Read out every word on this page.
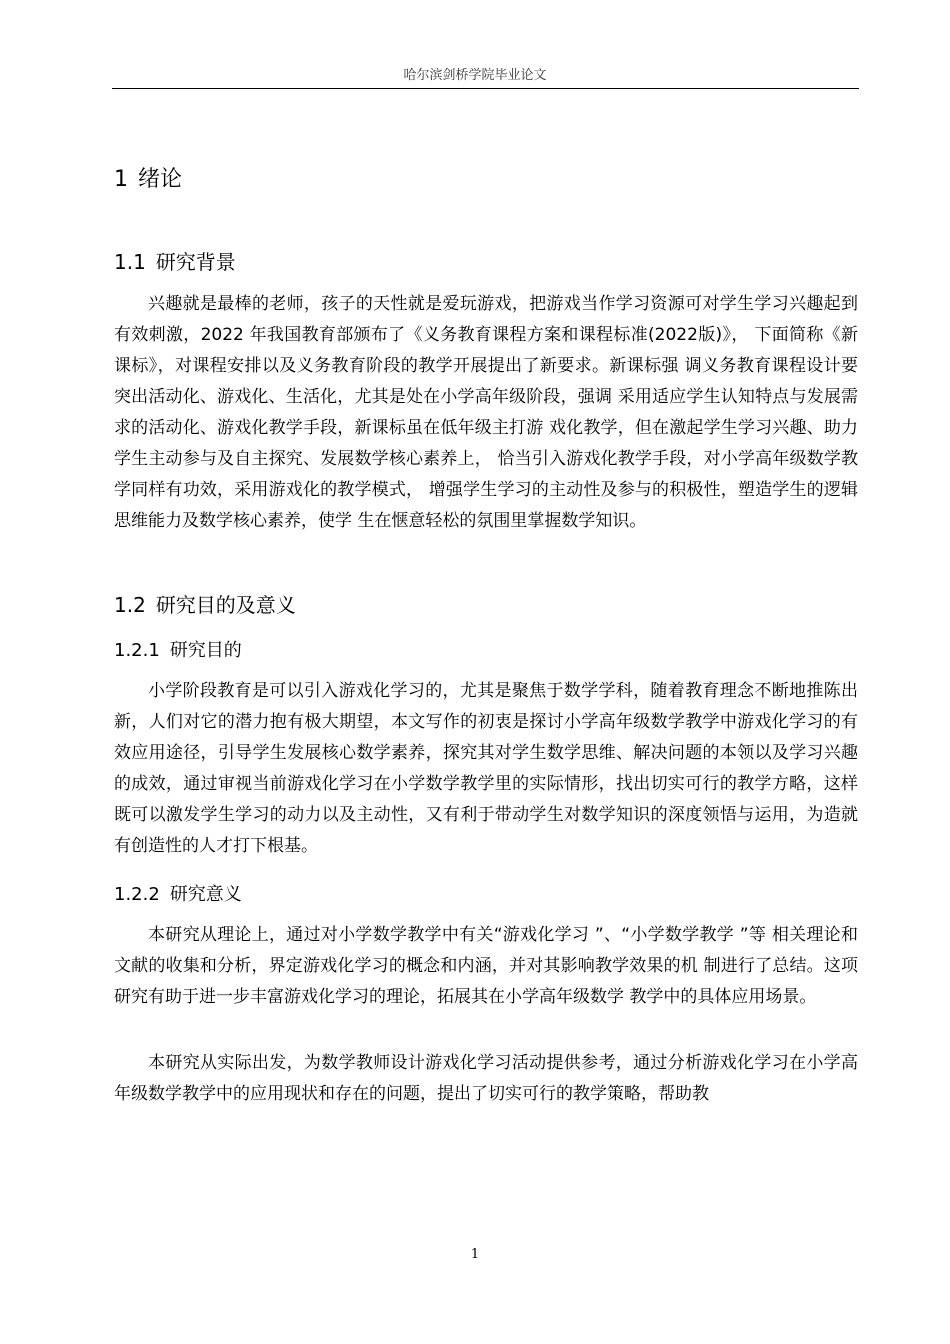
哈尔滨剑桥学院毕业论文
1 绪论
1.1 研究背景

兴趣就是最棒的老师，孩子的天性就是爱玩游戏，把游戏当作学习资源可对学生学习兴趣起到有效刺激，2022 年我国教育部颁布了《义务教育课程方案和课程标准(2022版)》， 下面简称《新课标》，对课程安排以及义务教育阶段的教学开展提出了新要求。新课标强 调义务教育课程设计要突出活动化、游戏化、生活化，尤其是处在小学高年级阶段，强调 采用适应学生认知特点与发展需求的活动化、游戏化教学手段，新课标虽在低年级主打游 戏化教学，但在激起学生学习兴趣、助力学生主动参与及自主探究、发展数学核心素养上， 恰当引入游戏化教学手段，对小学高年级数学教学同样有功效，采用游戏化的教学模式， 增强学生学习的主动性及参与的积极性，塑造学生的逻辑思维能力及数学核心素养，使学 生在惬意轻松的氛围里掌握数学知识。

1.2 研究目的及意义
1.2.1 研究目的

小学阶段教育是可以引入游戏化学习的，尤其是聚焦于数学学科，随着教育理念不断地推陈出新，人们对它的潜力抱有极大期望，本文写作的初衷是探讨小学高年级数学教学中游戏化学习的有效应用途径，引导学生发展核心数学素养，探究其对学生数学思维、解决问题的本领以及学习兴趣的成效，通过审视当前游戏化学习在小学数学教学里的实际情形，找出切实可行的教学方略，这样既可以激发学生学习的动力以及主动性，又有利于带动学生对数学知识的深度领悟与运用，为造就有创造性的人才打下根基。

1.2.2 研究意义

本研究从理论上，通过对小学数学教学中有关“游戏化学习 ”、“小学数学教学 ”等 相关理论和文献的收集和分析，界定游戏化学习的概念和内涵，并对其影响教学效果的机 制进行了总结。这项研究有助于进一步丰富游戏化学习的理论，拓展其在小学高年级数学 教学中的具体应用场景。

本研究从实际出发，为数学教师设计游戏化学习活动提供参考，通过分析游戏化学习在小学高年级数学教学中的应用现状和存在的问题，提出了切实可行的教学策略，帮助教

1
